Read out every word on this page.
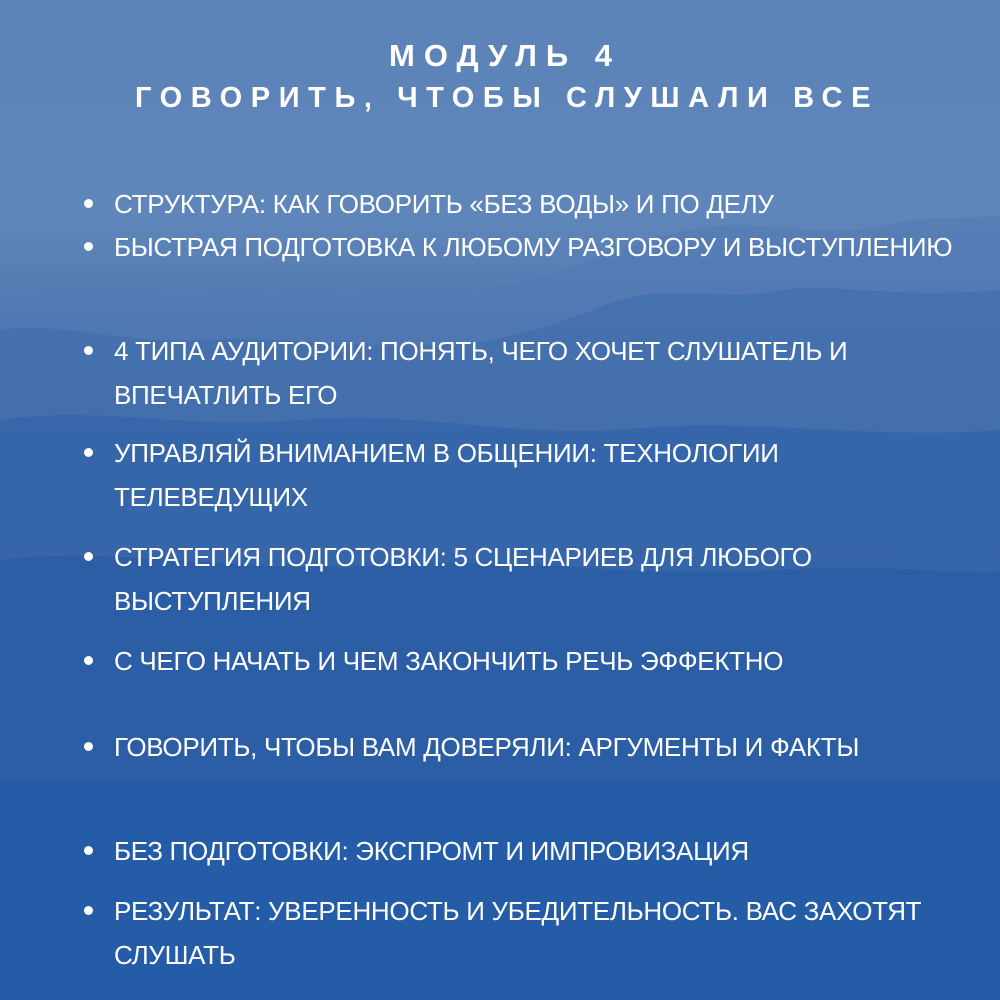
МОДУЛЬ 4
ГОВОРИТЬ, ЧТОБЫ СЛУШАЛИ ВСЕ
СТРУКТУРА: КАК ГОВОРИТЬ «БЕЗ ВОДЫ» И ПО ДЕЛУ
БЫСТРАЯ ПОДГОТОВКА К ЛЮБОМУ РАЗГОВОРУ И ВЫСТУПЛЕНИЮ
4 ТИПА АУДИТОРИИ: ПОНЯТЬ, ЧЕГО ХОЧЕТ СЛУШАТЕЛЬ И ВПЕЧАТЛИТЬ ЕГО
УПРАВЛЯЙ ВНИМАНИЕМ В ОБЩЕНИИ: ТЕХНОЛОГИИ ТЕЛЕВЕДУЩИХ
СТРАТЕГИЯ ПОДГОТОВКИ: 5 СЦЕНАРИЕВ ДЛЯ ЛЮБОГО ВЫСТУПЛЕНИЯ
С ЧЕГО НАЧАТЬ И ЧЕМ ЗАКОНЧИТЬ РЕЧЬ ЭФФЕКТНО
ГОВОРИТЬ, ЧТОБЫ ВАМ ДОВЕРЯЛИ: АРГУМЕНТЫ И ФАКТЫ
БЕЗ ПОДГОТОВКИ: ЭКСПРОМТ И ИМПРОВИЗАЦИЯ
РЕЗУЛЬТАТ: УВЕРЕННОСТЬ И УБЕДИТЕЛЬНОСТЬ. ВАС ЗАХОТЯТ СЛУШАТЬ
